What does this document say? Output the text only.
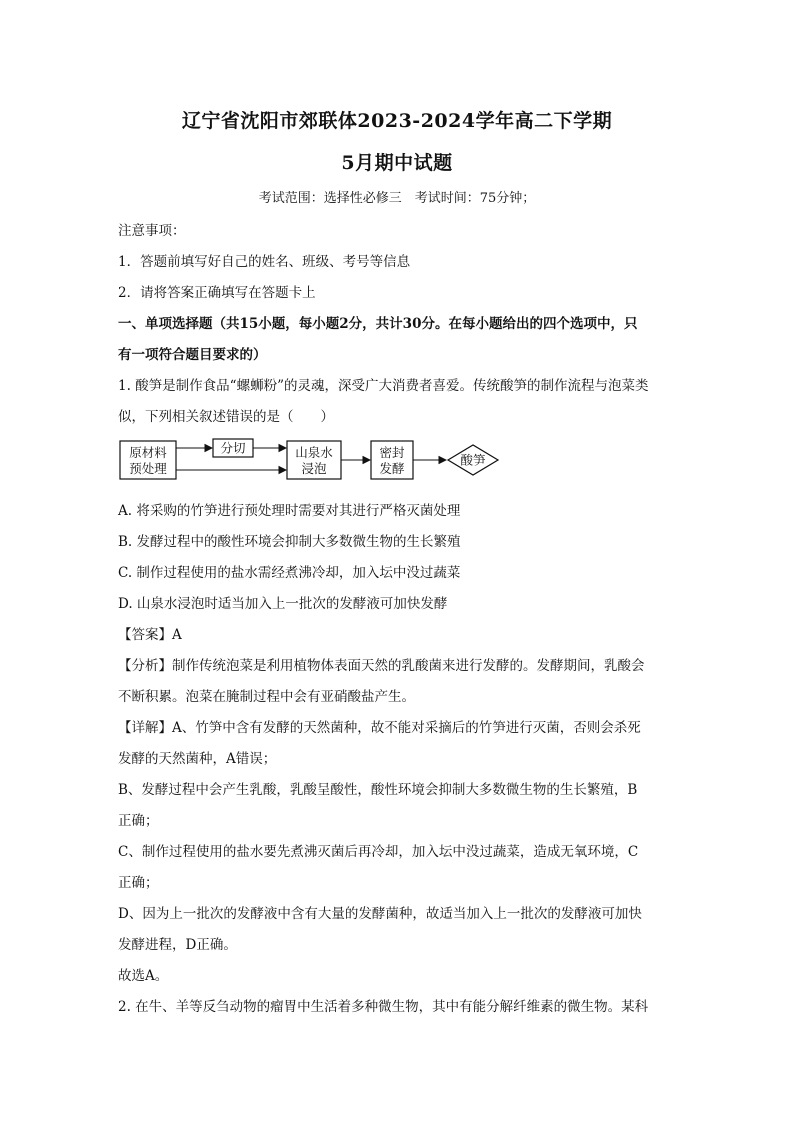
辽宁省沈阳市郊联体2023-2024学年高二下学期
5月期中试题
考试范围：选择性必修三　考试时间：75分钟；
注意事项：
1．答题前填写好自己的姓名、班级、考号等信息
2．请将答案正确填写在答题卡上
一、单项选择题（共15小题，每小题2分，共计30分。在每小题给出的四个选项中，只
有一项符合题目要求的）
1. 酸笋是制作食品“螺蛳粉”的灵魂，深受广大消费者喜爱。传统酸笋的制作流程与泡菜类
似，下列相关叙述错误的是（　　）
原材料
预处理
分切	山泉水
浸泡
密封
发酵
酸笋
A. 将采购的竹笋进行预处理时需要对其进行严格灭菌处理
B. 发酵过程中的酸性环境会抑制大多数微生物的生长繁殖
C. 制作过程使用的盐水需经煮沸冷却，加入坛中没过蔬菜
D. 山泉水浸泡时适当加入上一批次的发酵液可加快发酵
【答案】A
【分析】制作传统泡菜是利用植物体表面天然的乳酸菌来进行发酵的。发酵期间，乳酸会
不断积累。泡菜在腌制过程中会有亚硝酸盐产生。
【详解】A、竹笋中含有发酵的天然菌种，故不能对采摘后的竹笋进行灭菌，否则会杀死
发酵的天然菌种，A错误；
B、发酵过程中会产生乳酸，乳酸呈酸性，酸性环境会抑制大多数微生物的生长繁殖，B
正确；
C、制作过程使用的盐水要先煮沸灭菌后再冷却，加入坛中没过蔬菜，造成无氧环境，C
正确；
D、因为上一批次的发酵液中含有大量的发酵菌种，故适当加入上一批次的发酵液可加快
发酵进程，D正确。
故选A。
2. 在牛、羊等反刍动物的瘤胃中生活着多种微生物，其中有能分解纤维素的微生物。某科
